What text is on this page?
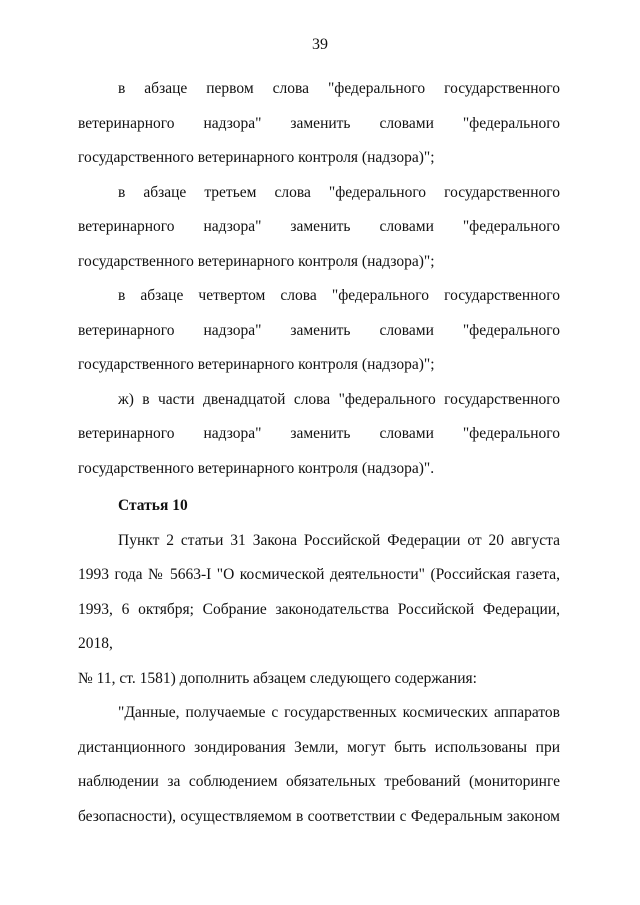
39
в абзаце первом слова "федерального государственного
ветеринарного надзора" заменить словами "федерального
государственного ветеринарного контроля (надзора)";
в абзаце третьем слова "федерального государственного
ветеринарного надзора" заменить словами "федерального
государственного ветеринарного контроля (надзора)";
в абзаце четвертом слова "федерального государственного
ветеринарного надзора" заменить словами "федерального
государственного ветеринарного контроля (надзора)";
ж) в части двенадцатой слова "федерального государственного
ветеринарного надзора" заменить словами "федерального
государственного ветеринарного контроля (надзора)".
Статья 10
Пункт 2 статьи 31 Закона Российской Федерации от 20 августа
1993 года № 5663-I "О космической деятельности" (Российская газета,
1993, 6 октября; Собрание законодательства Российской Федерации, 2018,
№ 11, ст. 1581) дополнить абзацем следующего содержания:
"Данные, получаемые с государственных космических аппаратов
дистанционного зондирования Земли, могут быть использованы при
наблюдении за соблюдением обязательных требований (мониторинге
безопасности), осуществляемом в соответствии с Федеральным законом
